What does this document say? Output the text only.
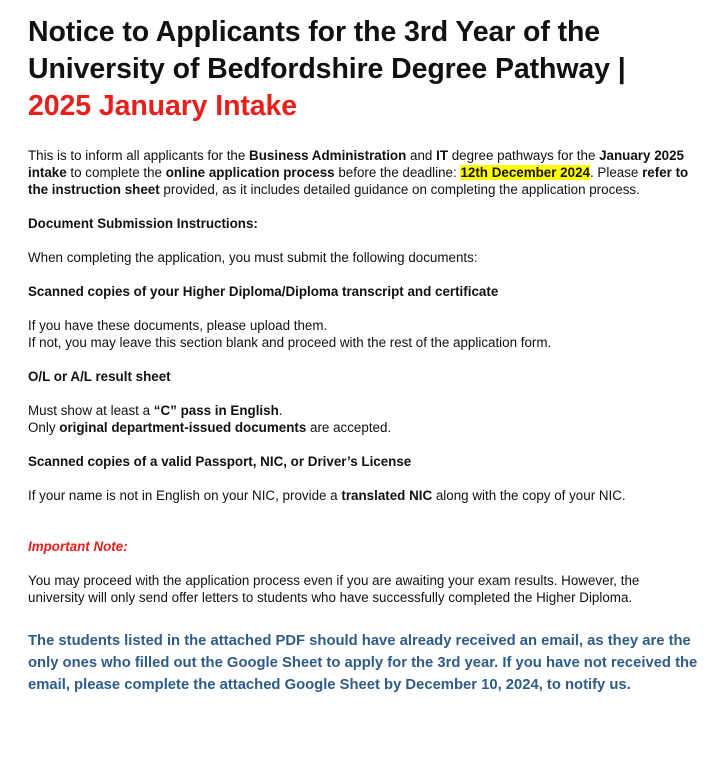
Notice to Applicants for the 3rd Year of the
University of Bedfordshire Degree Pathway |
2025 January Intake

This is to inform all applicants for the Business Administration and IT degree pathways for the January 2025 intake to complete the online application process before the deadline: 12th December 2024. Please refer to the instruction sheet provided, as it includes detailed guidance on completing the application process.

Document Submission Instructions:

When completing the application, you must submit the following documents:

Scanned copies of your Higher Diploma/Diploma transcript and certificate

If you have these documents, please upload them.

If not, you may leave this section blank and proceed with the rest of the application form.

O/L or A/L result sheet

Must show at least a “C” pass in English.

Only original department-issued documents are accepted.

Scanned copies of a valid Passport, NIC, or Driver’s License

If your name is not in English on your NIC, provide a translated NIC along with the copy of your NIC.

Important Note:

You may proceed with the application process even if you are awaiting your exam results. However, the university will only send offer letters to students who have successfully completed the Higher Diploma.

The students listed in the attached PDF should have already received an email, as they are the only ones who filled out the Google Sheet to apply for the 3rd year. If you have not received the email, please complete the attached Google Sheet by December 10, 2024, to notify us.
